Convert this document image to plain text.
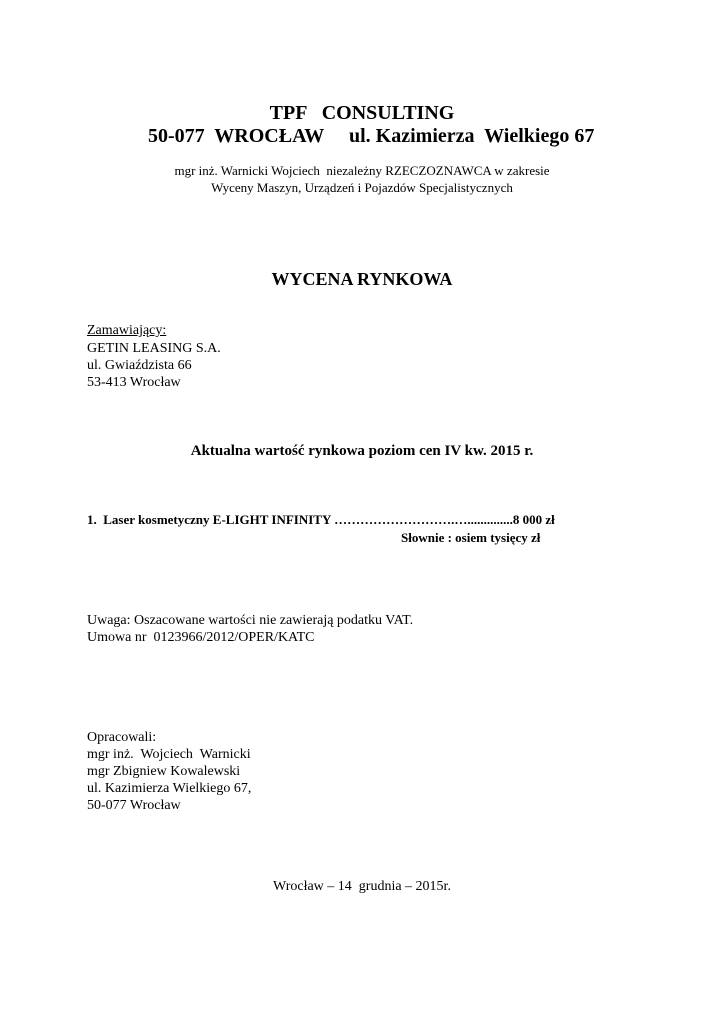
TPF   CONSULTING
50-077  WROCŁAW ul. Kazimierza  Wielkiego 67
mgr inż. Warnicki Wojciech  niezależny RZECZOZNAWCA w zakresie
Wyceny Maszyn, Urządzeń i Pojazdów Specjalistycznych
WYCENA RYNKOWA
Zamawiający:
GETIN LEASING S.A.
ul. Gwiaździsta 66
53-413 Wrocław
Aktualna wartość rynkowa poziom cen IV kw. 2015 r.
1.  Laser kosmetyczny E-LIGHT INFINITY ……………………….…..............8 000 zł
Słownie : osiem tysięcy zł
Uwaga: Oszacowane wartości nie zawierają podatku VAT.
Umowa nr  0123966/2012/OPER/KATC
Opracowali:
mgr inż.  Wojciech  Warnicki
mgr Zbigniew Kowalewski
ul. Kazimierza Wielkiego 67,
50-077 Wrocław
Wrocław – 14  grudnia – 2015r.
